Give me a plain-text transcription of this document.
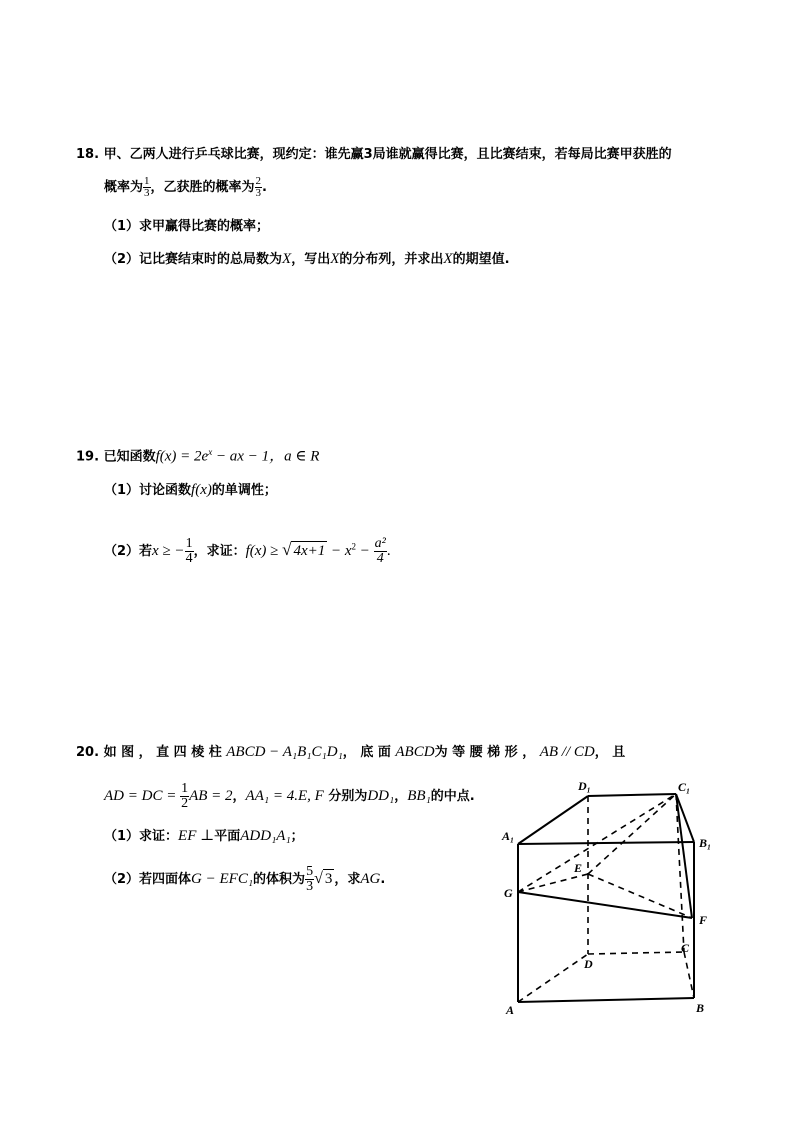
18. 甲、乙两人进行乒乓球比赛，现约定：谁先赢3局谁就赢得比赛，且比赛结束，若每局比赛甲获胜的
概率为 $\frac{1}{3}$ ，乙获胜的概率为 $\frac{2}{3}$ .
（1）求甲赢得比赛的概率；
（2）记比赛结束时的总局数为X，写出X的分布列，并求出X的期望值.
19. 已知函数$f(x) = 2e^x$ − ax − 1，a ∈ R
（1）讨论函数f(x)的单调性；
（2）若x ≥ − $\frac{1}{4}$ ，求证：f(x) ≥ √ $4x+1 - x^2 - \frac{\text{a²}}{4}$ .
20. 如 图 ， 直 四 棱 柱 ABCD − A₁B₁C₁D₁， 底 面 ABCD为 等 腰 梯 形 ， AB // CD， 且
AD = DC = $\frac{1}{2}$ AB = 2，AA₁ = 4.E, F 分别为DD₁，BB₁的中点.
（1）求证：EF ⊥平面ADD₁A₁；
（2）若四面体G − EFC₁的体积为 $\frac{5}{3}$ √ 3 ，求AG.
D₁	C₁
A₁	B₁
E
G
F
C
D
A	B
